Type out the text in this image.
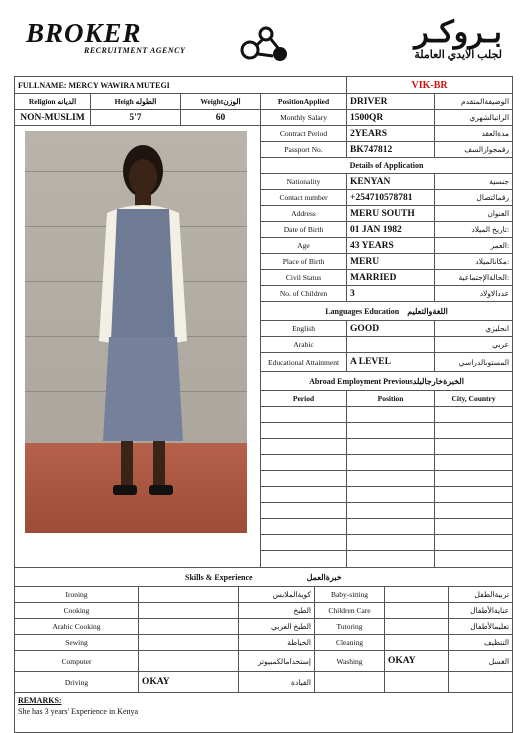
BROKER
RECRUITMENT AGENCY
بـروكـر
لجلب الايدي العاملة
FULLNAME: MERCY WAWIRA MUTEGI				VIK-BR	
Religion الديانه	Heigh الطوله	Weightالوزن	PositionApplied	DRIVER	الوضيفةالمتقدم
NON-MUSLIM	5'7	60	Monthly Salary	1500QR	الراتبالشهري

	Contract Period	2YEARS	مدةالعقد
			Passport No.	BK747812	رقمجوازالسف
			Details of Application		
			Nationality	KENYAN	جنسية
			Contact number	+254710578781	رقمالتصال
			Address	MERU SOUTH	العنوان
			Date of Birth	01 JAN 1982	تاريخ الميلاد:
			Age	43 YEARS	العمر:
			Place of Birth	MERU	مكانالميلاد:
			Civil Status	MARRIED	الحالةالإجتماعية:
			No. of Children	3	عددالاولاد
			Languages Education اللغةوالتعليم		
			English	GOOD	انجليزي
			Arabic		عربي
			Educational Attainment	A LEVEL	المستوىالدراسي
			Abroad Employment Previousالخبرةخارجالبلد		
			Period	Position	City, Country

Skills & Experience خبرةالعمل					
Ironing		كويةالملابس	Baby-sitting		تربيةالطفل
Cooking		الطبخ	Children Care		عنايةالأطفال
Arabic Cooking		الطبخ العربي	Tutoring		تعليمالأطفال
Sewing		الخياطة	Cleaning		التنظيف
Computer		إستخدامالكمبيوتر	Washing	OKAY	الغسل
Driving	OKAY	القيادة			

REMARKS:
She has 3 years' Experience in Kenya					
